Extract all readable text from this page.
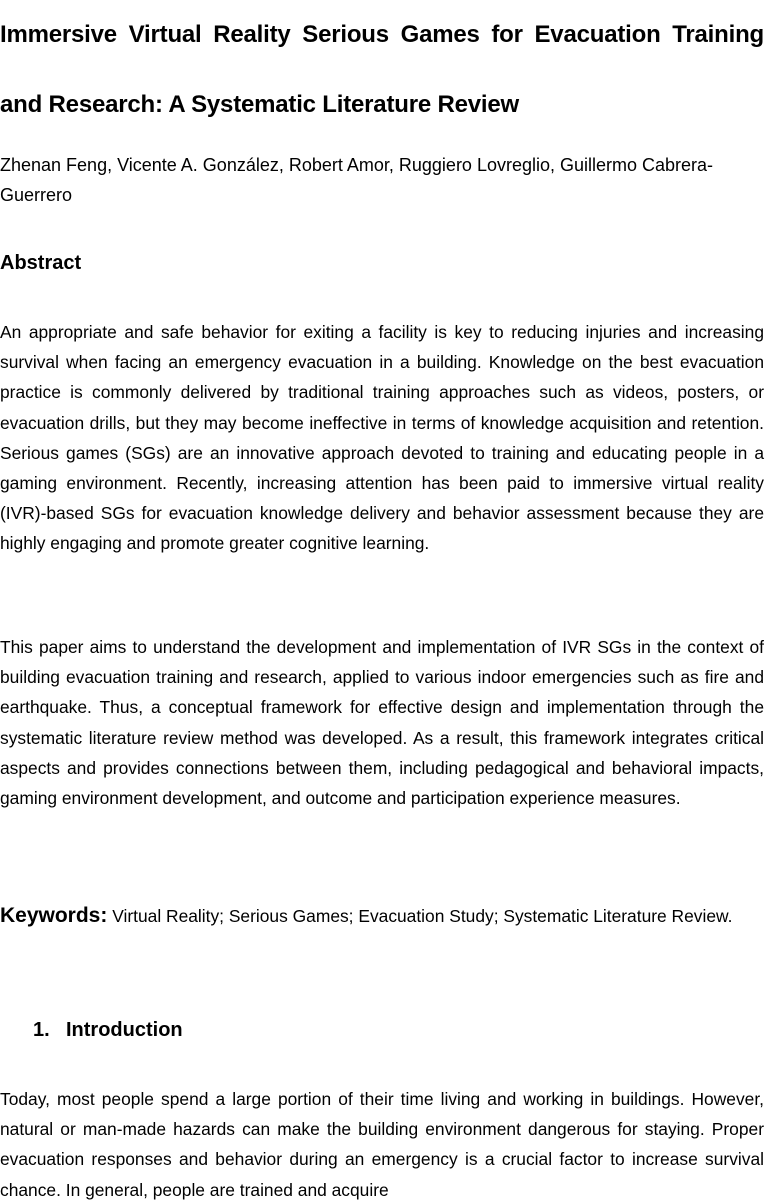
Immersive Virtual Reality Serious Games for Evacuation Training and Research: A Systematic Literature Review

Zhenan Feng, Vicente A. González, Robert Amor, Ruggiero Lovreglio, Guillermo Cabrera-Guerrero

Abstract

An appropriate and safe behavior for exiting a facility is key to reducing injuries and increasing survival when facing an emergency evacuation in a building. Knowledge on the best evacuation practice is commonly delivered by traditional training approaches such as videos, posters, or evacuation drills, but they may become ineffective in terms of knowledge acquisition and retention. Serious games (SGs) are an innovative approach devoted to training and educating people in a gaming environment. Recently, increasing attention has been paid to immersive virtual reality (IVR)-based SGs for evacuation knowledge delivery and behavior assessment because they are highly engaging and promote greater cognitive learning.

This paper aims to understand the development and implementation of IVR SGs in the context of building evacuation training and research, applied to various indoor emergencies such as fire and earthquake. Thus, a conceptual framework for effective design and implementation through the systematic literature review method was developed. As a result, this framework integrates critical aspects and provides connections between them, including pedagogical and behavioral impacts, gaming environment development, and outcome and participation experience measures.

Keywords: Virtual Reality; Serious Games; Evacuation Study; Systematic Literature Review.

1. Introduction

Today, most people spend a large portion of their time living and working in buildings. However, natural or man-made hazards can make the building environment dangerous for staying. Proper evacuation responses and behavior during an emergency is a crucial factor to increase survival chance. In general, people are trained and acquire
